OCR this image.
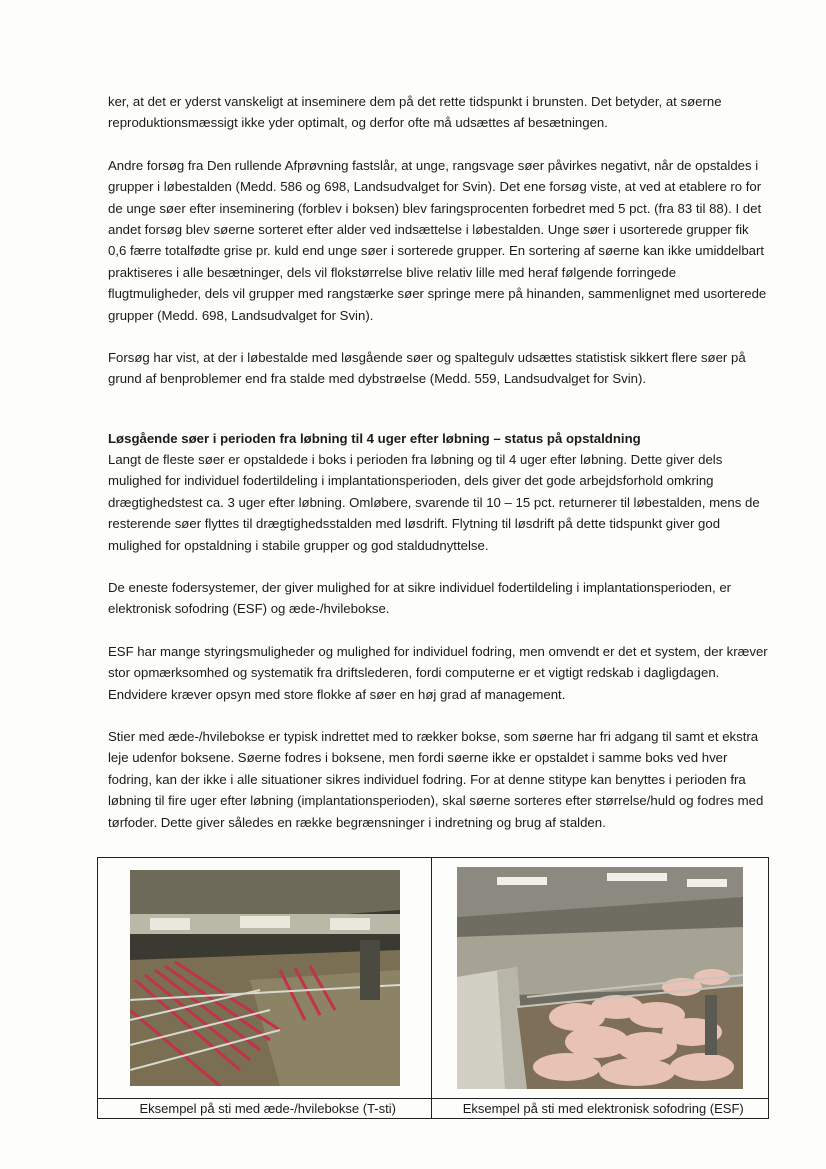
ker, at det er yderst vanskeligt at inseminere dem på det rette tidspunkt i brunsten. Det betyder, at søerne reproduktionsmæssigt ikke yder optimalt, og derfor ofte må udsættes af besætningen.

Andre forsøg fra Den rullende Afprøvning fastslår, at unge, rangsvage søer påvirkes negativt, når de opstaldes i grupper i løbestalden (Medd. 586 og 698, Landsudvalget for Svin). Det ene forsøg viste, at ved at etablere ro for de unge søer efter inseminering (forblev i boksen) blev faringsprocenten forbedret med 5 pct. (fra 83 til 88). I det andet forsøg blev søerne sorteret efter alder ved indsættelse i løbestalden. Unge søer i usorterede grupper fik 0,6 færre totalfødte grise pr. kuld end unge søer i sorterede grupper. En sortering af søerne kan ikke umiddelbart praktiseres i alle besætninger, dels vil flokstørrelse blive relativ lille med heraf følgende forringede flugtmuligheder, dels vil grupper med rangstærke søer springe mere på hinanden, sammenlignet med usorterede grupper (Medd. 698, Landsudvalget for Svin).

Forsøg har vist, at der i løbestalde med løsgående søer og spaltegulv udsættes statistisk sikkert flere søer på grund af benproblemer end fra stalde med dybstrøelse (Medd. 559, Landsudvalget for Svin).

Løsgående søer i perioden fra løbning til 4 uger efter løbning – status på opstaldning

Langt de fleste søer er opstaldede i boks i perioden fra løbning og til 4 uger efter løbning. Dette giver dels mulighed for individuel fodertildeling i implantationsperioden, dels giver det gode arbejdsforhold omkring drægtighedstest ca. 3 uger efter løbning. Omløbere, svarende til 10 – 15 pct. returnerer til løbestalden, mens de resterende søer flyttes til drægtighedsstalden med løsdrift. Flytning til løsdrift på dette tidspunkt giver god mulighed for opstaldning i stabile grupper og god staldudnyttelse.

De eneste fodersystemer, der giver mulighed for at sikre individuel fodertildeling i implantationsperioden, er elektronisk sofodring (ESF) og æde-/hvilebokse.

ESF har mange styringsmuligheder og mulighed for individuel fodring, men omvendt er det et system, der kræver stor opmærksomhed og systematik fra driftslederen, fordi computerne er et vigtigt redskab i dagligdagen. Endvidere kræver opsyn med store flokke af søer en høj grad af management.

Stier med æde-/hvilebokse er typisk indrettet med to rækker bokse, som søerne har fri adgang til samt et ekstra leje udenfor boksene. Søerne fodres i boksene, men fordi søerne ikke er opstaldet i samme boks ved hver fodring, kan der ikke i alle situationer sikres individuel fodring. For at denne stitype kan benyttes i perioden fra løbning til fire uger efter løbning (implantationsperioden), skal søerne sorteres efter størrelse/huld og fodres med tørfoder. Dette giver således en række begrænsninger i indretning og brug af stalden.

Eksempel på sti med æde-/hvilebokse (T-sti)	Eksempel på sti med elektronisk sofodring (ESF)
